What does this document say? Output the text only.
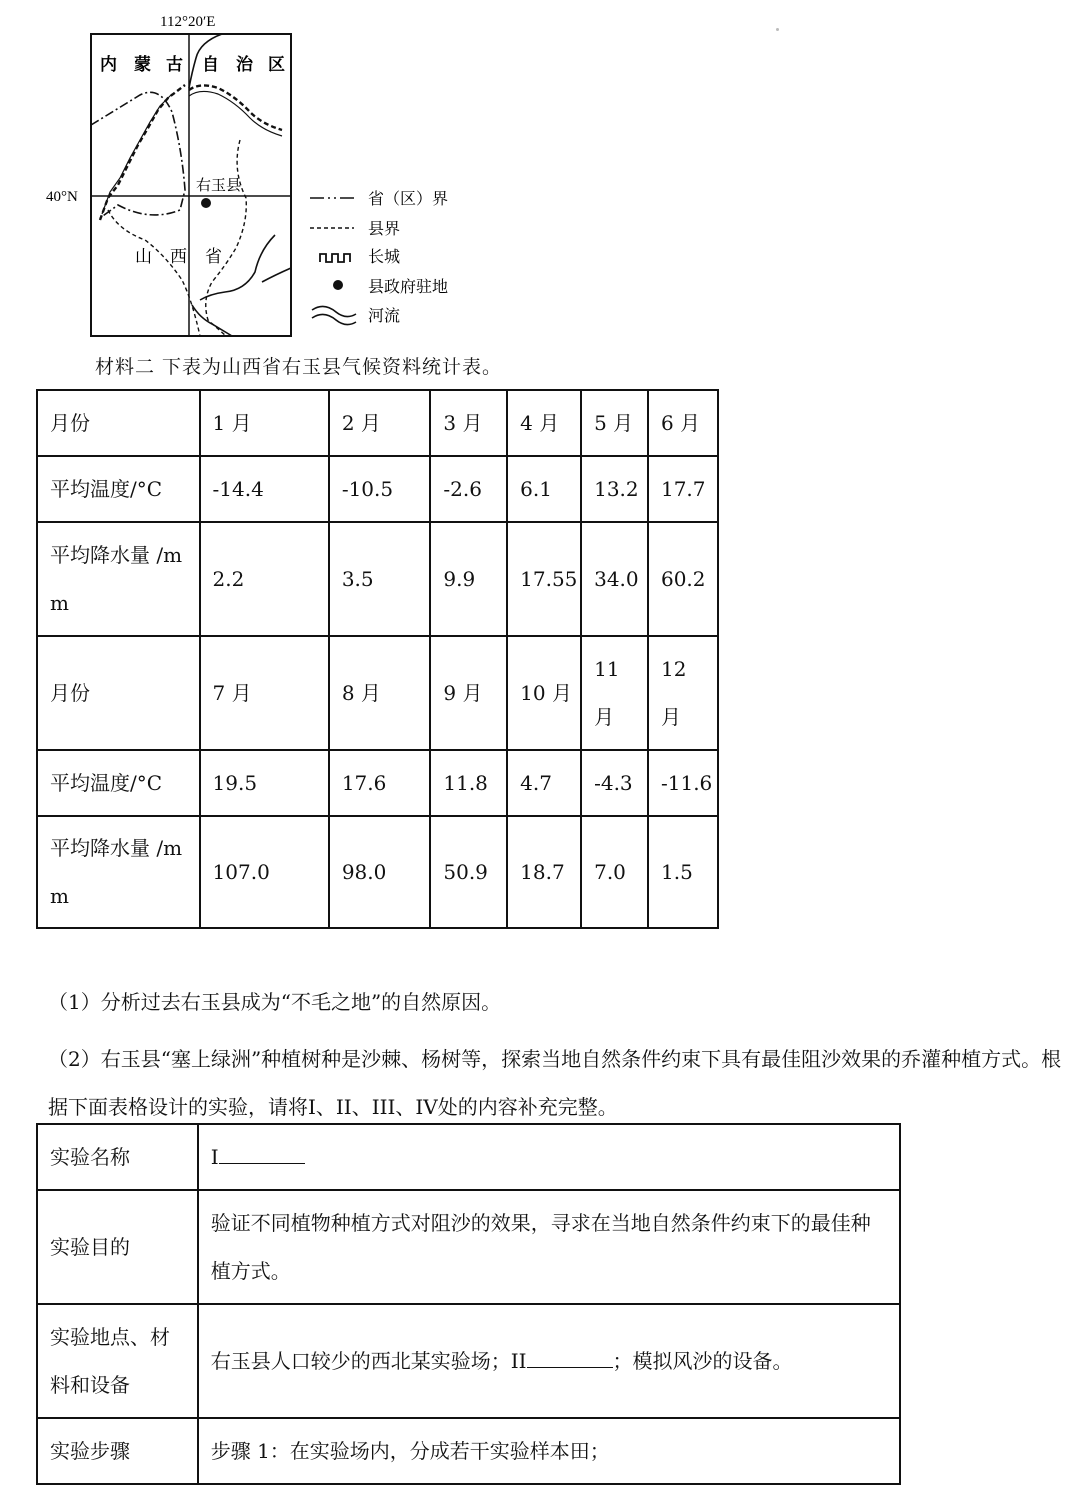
112°20′E
40°N
内 蒙 古 自 治 区
右玉县
山 西 省
省（区）界
县界
长城
县政府驻地
河流
材料二 下表为山西省右玉县气候资料统计表。
月份	1 月	2 月	3 月	4 月	5 月	6 月
平均温度/°C	-14.4	-10.5	-2.6	6.1	13.2	17.7
平均降水量 /mm	2.2	3.5	9.9	17.55	34.0	60.2
月份	7 月	8 月	9 月	10 月	11 月	12 月
平均温度/°C	19.5	17.6	11.8	4.7	-4.3	-11.6
平均降水量 /mm	107.0	98.0	50.9	18.7	7.0	1.5
（1）分析过去右玉县成为“不毛之地”的自然原因。
（2）右玉县“塞上绿洲”种植树种是沙棘、杨树等，探索当地自然条件约束下具有最佳阻沙效果的乔灌种植方式。根据下面表格设计的实验，请将I、II、III、IV处的内容补充完整。
实验名称	I
实验目的	验证不同植物种植方式对阻沙的效果，寻求在当地自然条件约束下的最佳种植方式。
实验地点、材料和设备	右玉县人口较少的西北某实验场；II ；模拟风沙的设备。
实验步骤	步骤 1：在实验场内，分成若干实验样本田；
